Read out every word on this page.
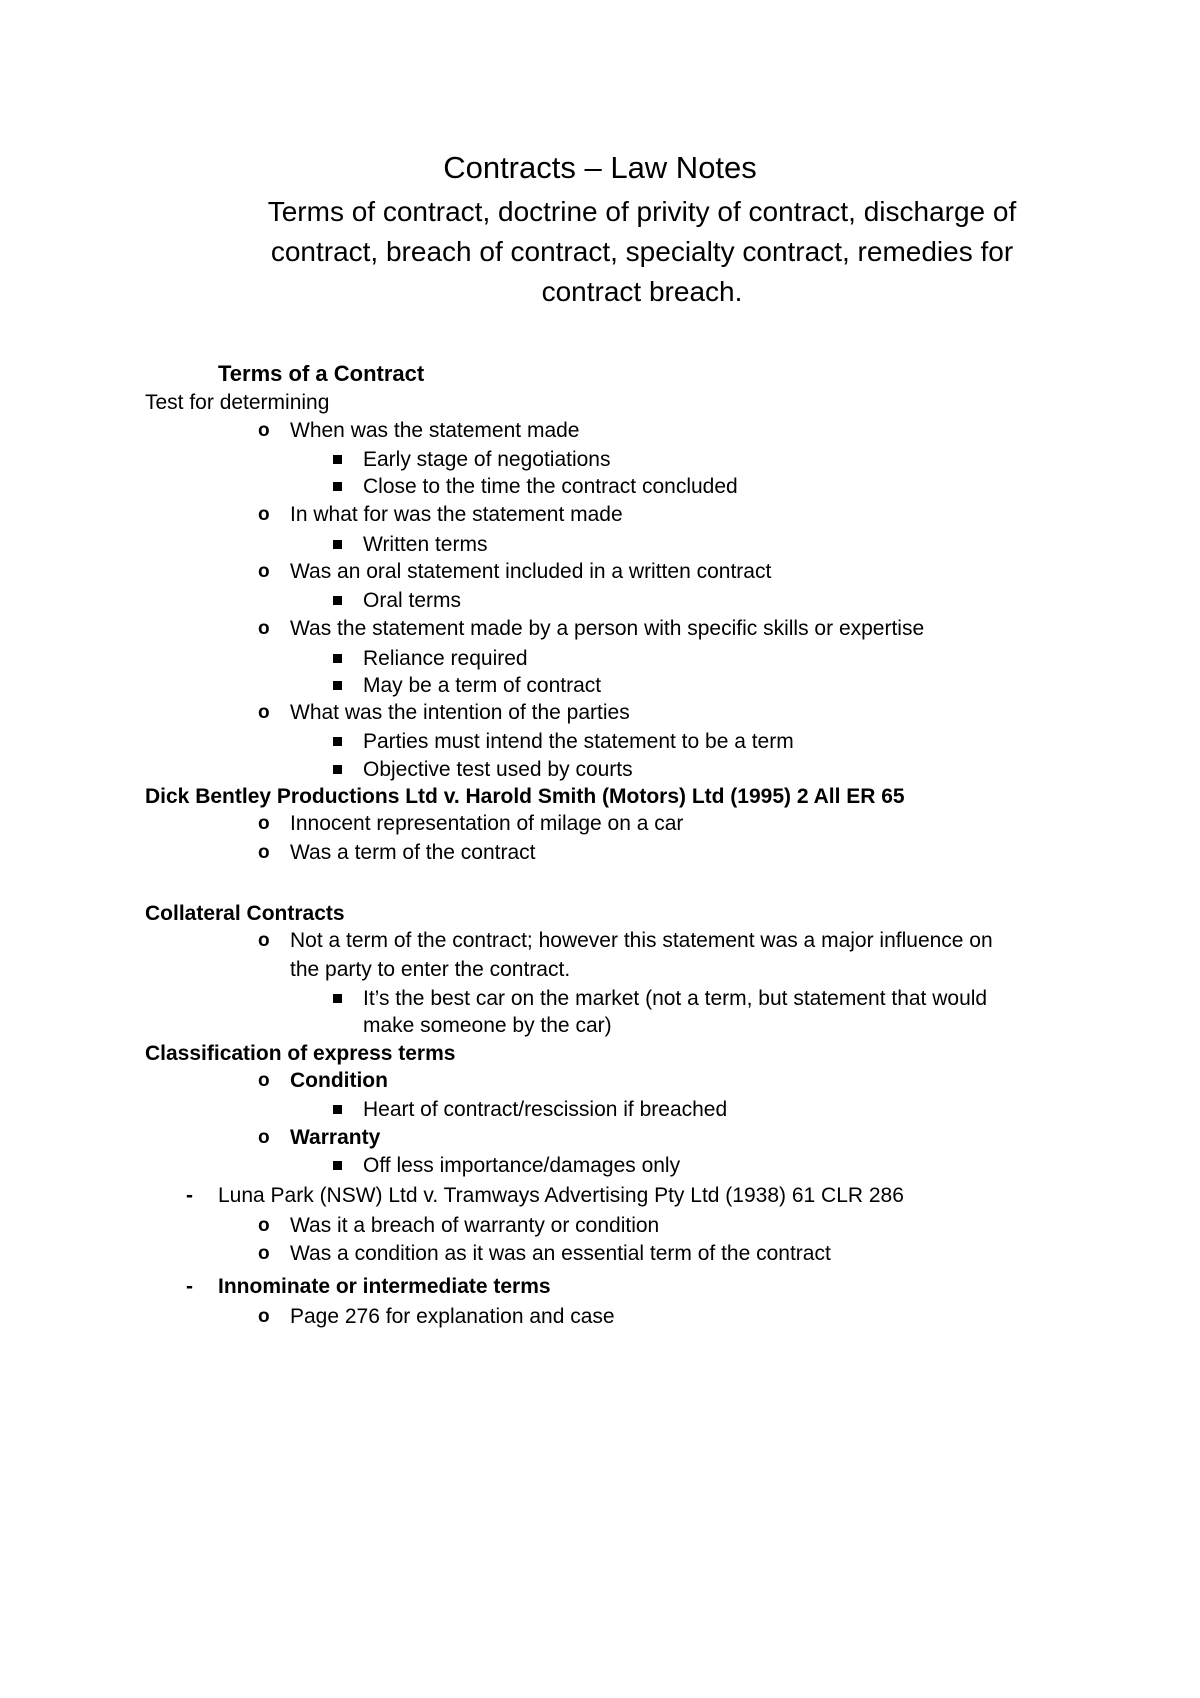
Contracts – Law Notes
Terms of contract, doctrine of privity of contract, discharge of contract, breach of contract, specialty contract, remedies for contract breach.
Terms of a Contract
Test for determining
o When was the statement made
Early stage of negotiations
Close to the time the contract concluded
o In what for was the statement made
Written terms
o Was an oral statement included in a written contract
Oral terms
o Was the statement made by a person with specific skills or expertise
Reliance required
May be a term of contract
o What was the intention of the parties
Parties must intend the statement to be a term
Objective test used by courts
Dick Bentley Productions Ltd v. Harold Smith (Motors) Ltd (1995) 2 All ER 65
o Innocent representation of milage on a car
o Was a term of the contract
Collateral Contracts
o Not a term of the contract; however this statement was a major influence on
the party to enter the contract.
It’s the best car on the market (not a term, but statement that would
make someone by the car)
Classification of express terms
o Condition
Heart of contract/rescission if breached
o Warranty
Off less importance/damages only
- Luna Park (NSW) Ltd v. Tramways Advertising Pty Ltd (1938) 61 CLR 286
o Was it a breach of warranty or condition
o Was a condition as it was an essential term of the contract
- Innominate or intermediate terms
o Page 276 for explanation and case
